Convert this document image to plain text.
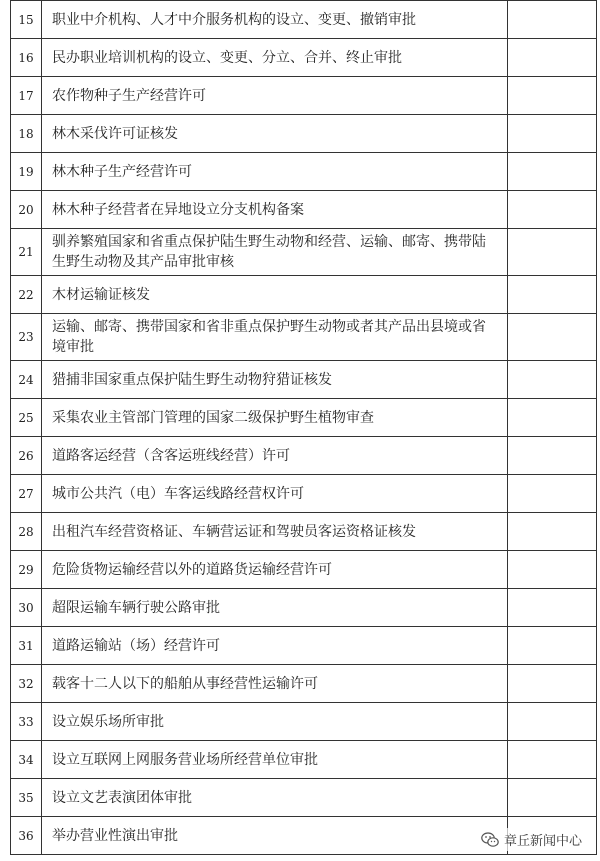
15	职业中介机构、人才中介服务机构的设立、变更、撤销审批	
16	民办职业培训机构的设立、变更、分立、合并、终止审批	
17	农作物种子生产经营许可	
18	林木采伐许可证核发	
19	林木种子生产经营许可	
20	林木种子经营者在异地设立分支机构备案	
21	驯养繁殖国家和省重点保护陆生野生动物和经营、运输、邮寄、携带陆生野生动物及其产品审批审核	
22	木材运输证核发	
23	运输、邮寄、携带国家和省非重点保护野生动物或者其产品出县境或省境审批	
24	猎捕非国家重点保护陆生野生动物狩猎证核发	
25	采集农业主管部门管理的国家二级保护野生植物审查	
26	道路客运经营（含客运班线经营）许可	
27	城市公共汽（电）车客运线路经营权许可	
28	出租汽车经营资格证、车辆营运证和驾驶员客运资格证核发	
29	危险货物运输经营以外的道路货运输经营许可	
30	超限运输车辆行驶公路审批	
31	道路运输站（场）经营许可	
32	载客十二人以下的船舶从事经营性运输许可	
33	设立娱乐场所审批	
34	设立互联网上网服务营业场所经营单位审批	
35	设立文艺表演团体审批	
36	举办营业性演出审批		章丘新闻中心
